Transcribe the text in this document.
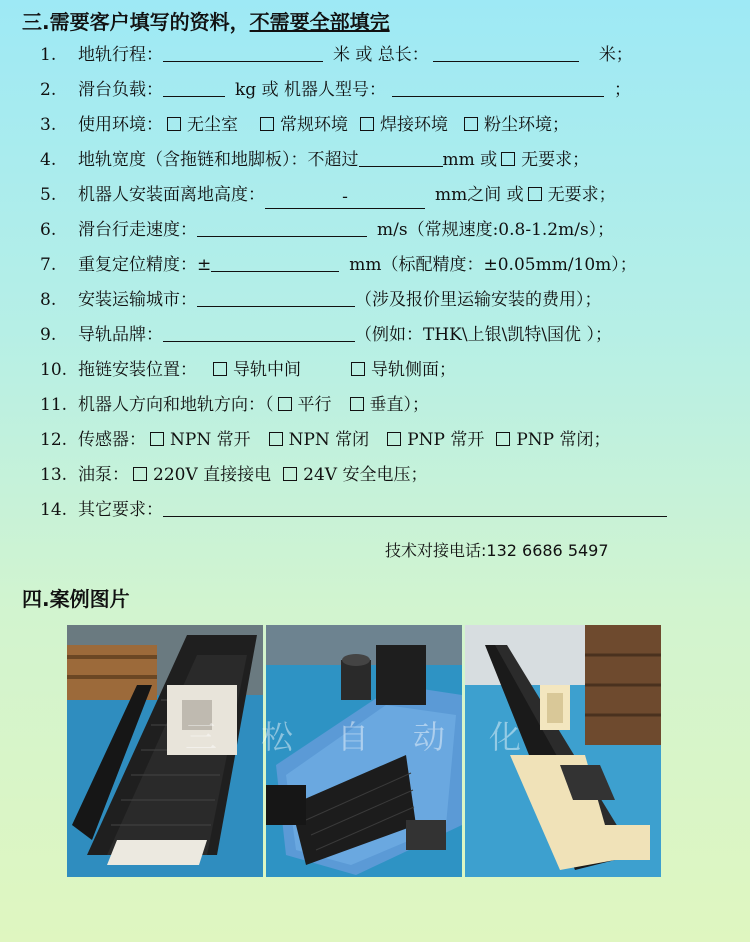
三.需要客户填写的资料，不需要全部填完
1. 地轨行程：	米 或 总长：	米；
2. 滑台负载：	kg 或 机器人型号：	；
3. 使用环境： 无尘室 常规环境 焊接环境 粉尘环境；
4. 地轨宽度（含拖链和地脚板）：不超过	mm 或 无要求；
5. 机器人安装面离地高度：	-	mm之间 或 无要求；
6. 滑台行走速度：	m/s（常规速度:0.8-1.2m/s）；
7. 重复定位精度：±	mm（标配精度：±0.05mm/10m）；
8. 安装运输城市：	（涉及报价里运输安装的费用）；
9. 导轨品牌：	（例如：THK\上银\凯特\国优 ）；
10. 拖链安装位置： 导轨中间	导轨侧面；
11. 机器人方向和地轨方向：（ 平行 垂直）；
12. 传感器： NPN 常开 NPN 常闭 PNP 常开 PNP 常闭；
13. 油泵： 220V 直接接电 24V 安全电压；
14. 其它要求：
技术对接电话:132 6686 5497
四.案例图片
三松自动化
